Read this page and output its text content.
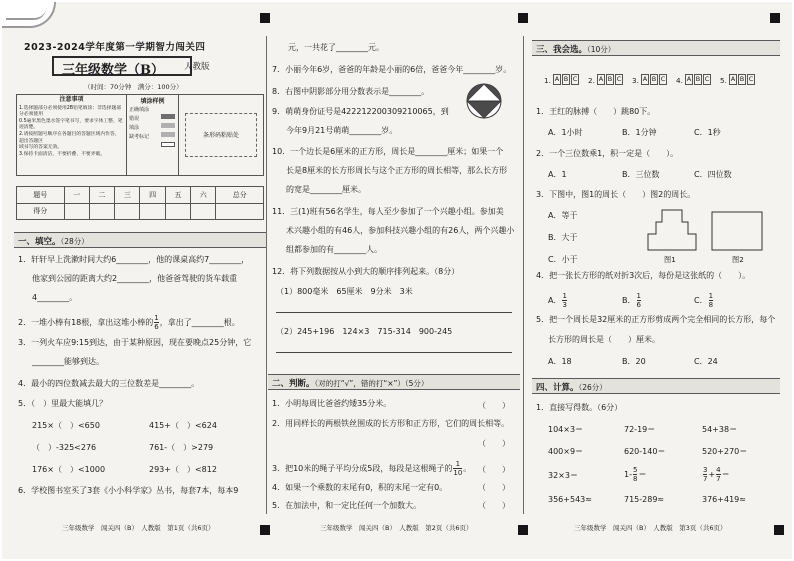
2023-2024学年度第一学期智力闯关四
三年级数学（B） 人教版
（时间：70分钟　满分：100分）
注意事项
1.选择题部分必须使用2B铅笔填涂；非选择题部分必须使用
0.5毫米黑色墨水签字笔书写，要求字体工整、笔迹清楚。
2.请按照题号顺序在各题目的答题区域内作答，超出答题区
域书写的答案无效。
3.保持卡面清洁，不要折叠、不要弄破。
填涂样例
正确填涂
错误
填涂
缺考标记	条形码粘贴处
题号	一	二	三	四	五	六	总分
得分							
一、填空。（28分）
1．轩轩早上洗漱时间大约6________，他的课桌高约7________，
他家到公园的距离大约2________，他爸爸驾驶的货车载重
4________。
2．一堆小棒有18根，拿出这堆小棒的 $\frac{1}{6}$ ，拿出了________根。
3．一列火车应9:15到达，由于某种原因，现在要晚点25分钟，它
________能够到达。
4．最小的四位数减去最大的三位数差是________。
5．（　）里最大能填几？
215×（　）<650	415+（　）<624
（　）-325<276	761-（　）>279
176×（　）<1000	293+（　）<812
6．学校图书室买了3套《小小科学家》丛书，每套7本，每本9
元，一共花了________元。
7．小丽今年6岁，爸爸的年龄是小丽的6倍，爸爸今年________岁。
8．右图中阴影部分用分数表示是________。
9．萌萌身份证号是422212200309210065，到
今年9月21号萌萌________岁。
10．一个边长是6厘米的正方形，周长是________厘米；如果一个
长是8厘米的长方形周长与这个正方形的周长相等，那么长方形
的宽是________厘米。
11．三(1)班有56名学生，每人至少参加了一个兴趣小组。参加美
术兴趣小组的有46人，参加科技兴趣小组的有26人，两个兴趣小
组都参加的有________人。
12．将下列数据按从小到大的顺序排列起来。（8分）
（1）800毫米　65厘米　9分米　3米
（2）245+196　124×3　715-314　900-245
二、判断。（对的打“√”，错的打“×”）（5分）
1．小明每周比爸爸约矮35分米。	（　　）
2．用同样长的两根铁丝围成的长方形和正方形，它们的周长相等。
（　　）
3．把10米的绳子平均分成5段，每段是这根绳子的 $\frac{1}{10}$ 。 （　　）
4．如果一个乘数的末尾有0，积的末尾一定有0。	（　　）
5．在加法中，和一定比任何一个加数大。	（　　）
三、我会选。（10分）
1. A B C 2. A B C 3. A B C 4. A B C 5. A B C
1．王红的脉搏（　　）跳80下。
A．1小时	B．1分钟	C．1秒
2．一个三位数乘1，积一定是（　　）。
A．1	B．三位数	C．四位数
3．下图中，图1的周长（　　）图2的周长。
A．等于
B．大于
C．小于	图1	图2
4．把一张长方形的纸对折3次后，每份是这张纸的（　　）。
A． $\frac{1}{3}$	B． $\frac{1}{6}$	C． $\frac{1}{8}$
5．把一个周长是32厘米的正方形剪成两个完全相同的长方形，每个
长方形的周长是（　　）厘米。
A．18	B．20	C．24
四、计算。（26分）
1．直接写得数。（6分）
104×3＝	72-19＝	54+38＝
400×9＝	620-140＝	520+270＝
32×3＝	$1- \frac{5}{8}$ ＝	$\frac{3}{7} + \frac{4}{7}$ ＝
356+543≈	715-289≈	376+419≈
三年级数学　闯关四（B）　人教版　第1页（共6页）	三年级数学　闯关四（B）　人教版　第2页（共6页）	三年级数学　闯关四（B）　人教版　第3页（共6页）
